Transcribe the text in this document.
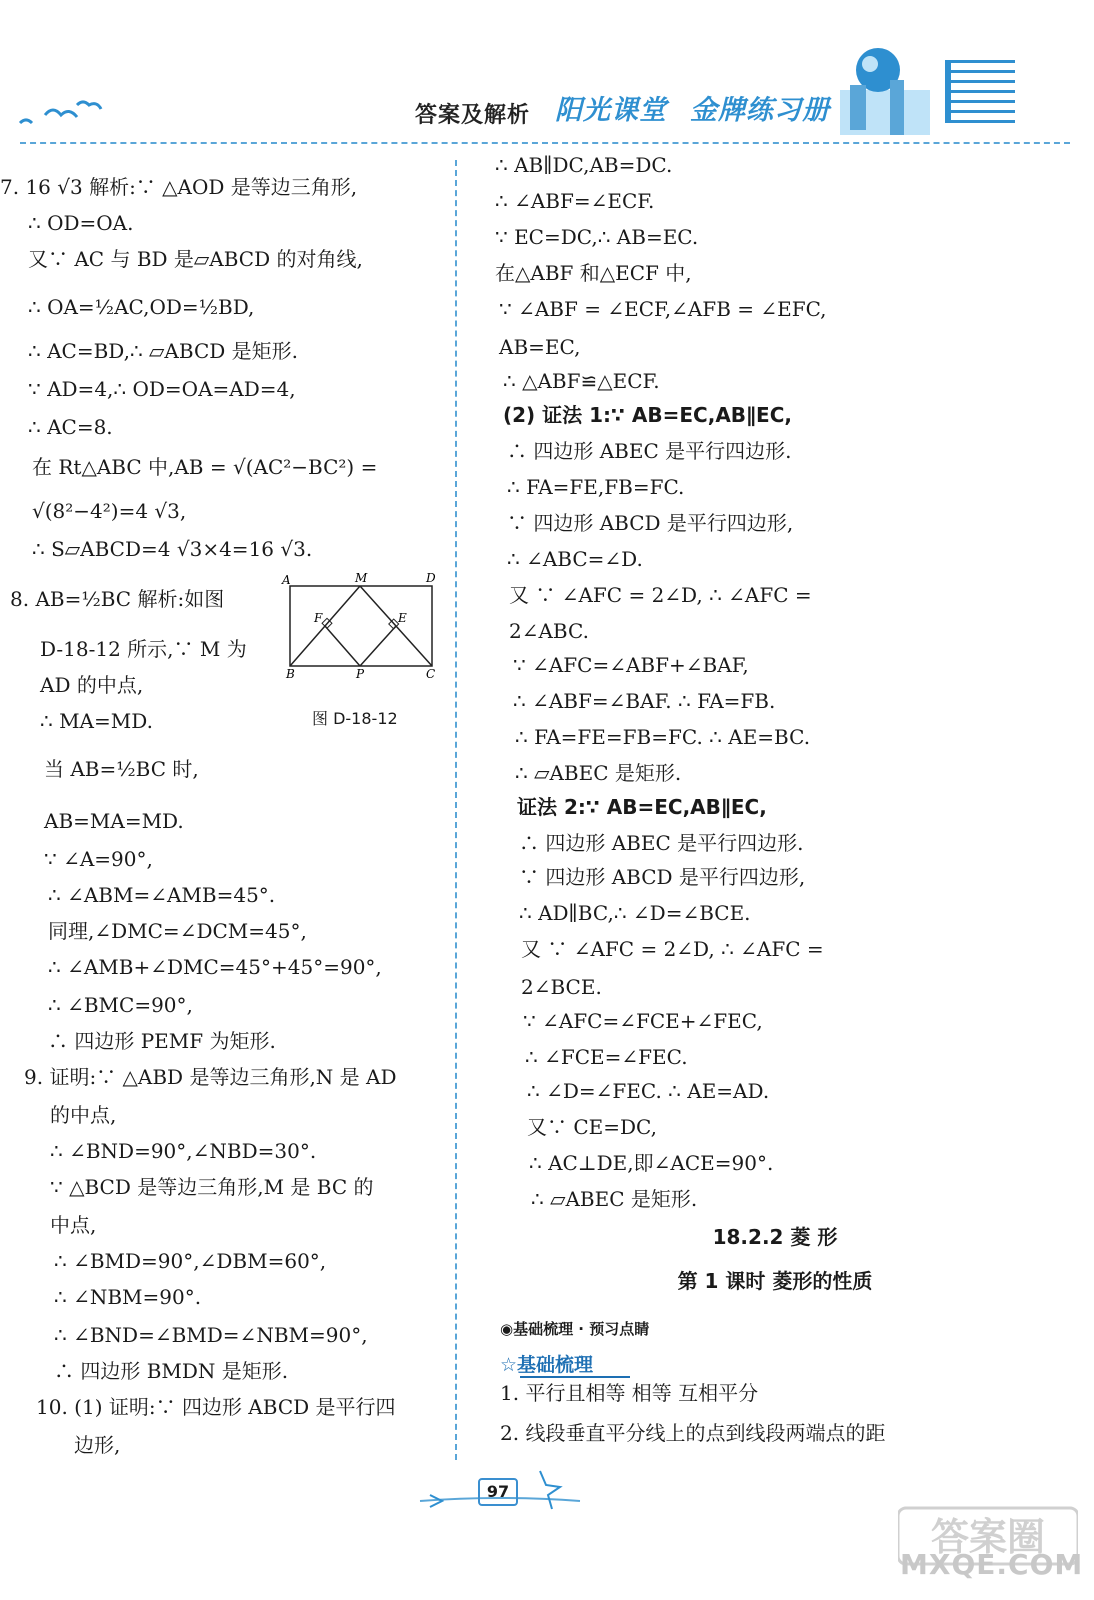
答案及解析 阳光课堂 金牌练习册
7. 16 √3 解析:∵ △AOD 是等边三角形,
∴ OD=OA.
又∵ AC 与 BD 是▱ABCD 的对角线,
∴ OA=½AC,OD=½BD,
∴ AC=BD,∴ ▱ABCD 是矩形.
∵ AD=4,∴ OD=OA=AD=4,
∴ AC=8.
在 Rt△ABC 中,AB = √(AC²−BC²) =
√(8²−4²)=4 √3,
∴ S▱ABCD=4 √3×4=16 √3.
8. AB=½BC 解析:如图
D-18-12 所示,∵ M 为
AD 的中点,
∴ MA=MD.
当 AB=½BC 时,
AB=MA=MD.
∵ ∠A=90°,
∴ ∠ABM=∠AMB=45°.
同理,∠DMC=∠DCM=45°,
∴ ∠AMB+∠DMC=45°+45°=90°,
∴ ∠BMC=90°,
∴ 四边形 PEMF 为矩形.
9. 证明:∵ △ABD 是等边三角形,N 是 AD
的中点,
∴ ∠BND=90°,∠NBD=30°.
∵ △BCD 是等边三角形,M 是 BC 的
中点,
∴ ∠BMD=90°,∠DBM=60°,
∴ ∠NBM=90°.
∴ ∠BND=∠BMD=∠NBM=90°,
∴ 四边形 BMDN 是矩形.
10. (1) 证明:∵ 四边形 ABCD 是平行四
边形,
A	M	D
F	E
B	P	C
图 D-18-12
∴ AB∥DC,AB=DC.
∴ ∠ABF=∠ECF.
∵ EC=DC,∴ AB=EC.
在△ABF 和△ECF 中,
∵ ∠ABF = ∠ECF,∠AFB = ∠EFC,
AB=EC,
∴ △ABF≌△ECF.
(2) 证法 1:∵ AB=EC,AB∥EC,
∴ 四边形 ABEC 是平行四边形.
∴ FA=FE,FB=FC.
∵ 四边形 ABCD 是平行四边形,
∴ ∠ABC=∠D.
又 ∵ ∠AFC = 2∠D, ∴ ∠AFC =
2∠ABC.
∵ ∠AFC=∠ABF+∠BAF,
∴ ∠ABF=∠BAF. ∴ FA=FB.
∴ FA=FE=FB=FC. ∴ AE=BC.
∴ ▱ABEC 是矩形.
证法 2:∵ AB=EC,AB∥EC,
∴ 四边形 ABEC 是平行四边形.
∵ 四边形 ABCD 是平行四边形,
∴ AD∥BC,∴ ∠D=∠BCE.
又 ∵ ∠AFC = 2∠D, ∴ ∠AFC =
2∠BCE.
∵ ∠AFC=∠FCE+∠FEC,
∴ ∠FCE=∠FEC.
∴ ∠D=∠FEC. ∴ AE=AD.
又∵ CE=DC,
∴ AC⊥DE,即∠ACE=90°.
∴ ▱ABEC 是矩形.
18.2.2 菱 形
第 1 课时 菱形的性质
◉基础梳理 · 预习点睛
☆基础梳理
1. 平行且相等 相等 互相平分
2. 线段垂直平分线上的点到线段两端点的距
97
答案圈
MXQE.COM
